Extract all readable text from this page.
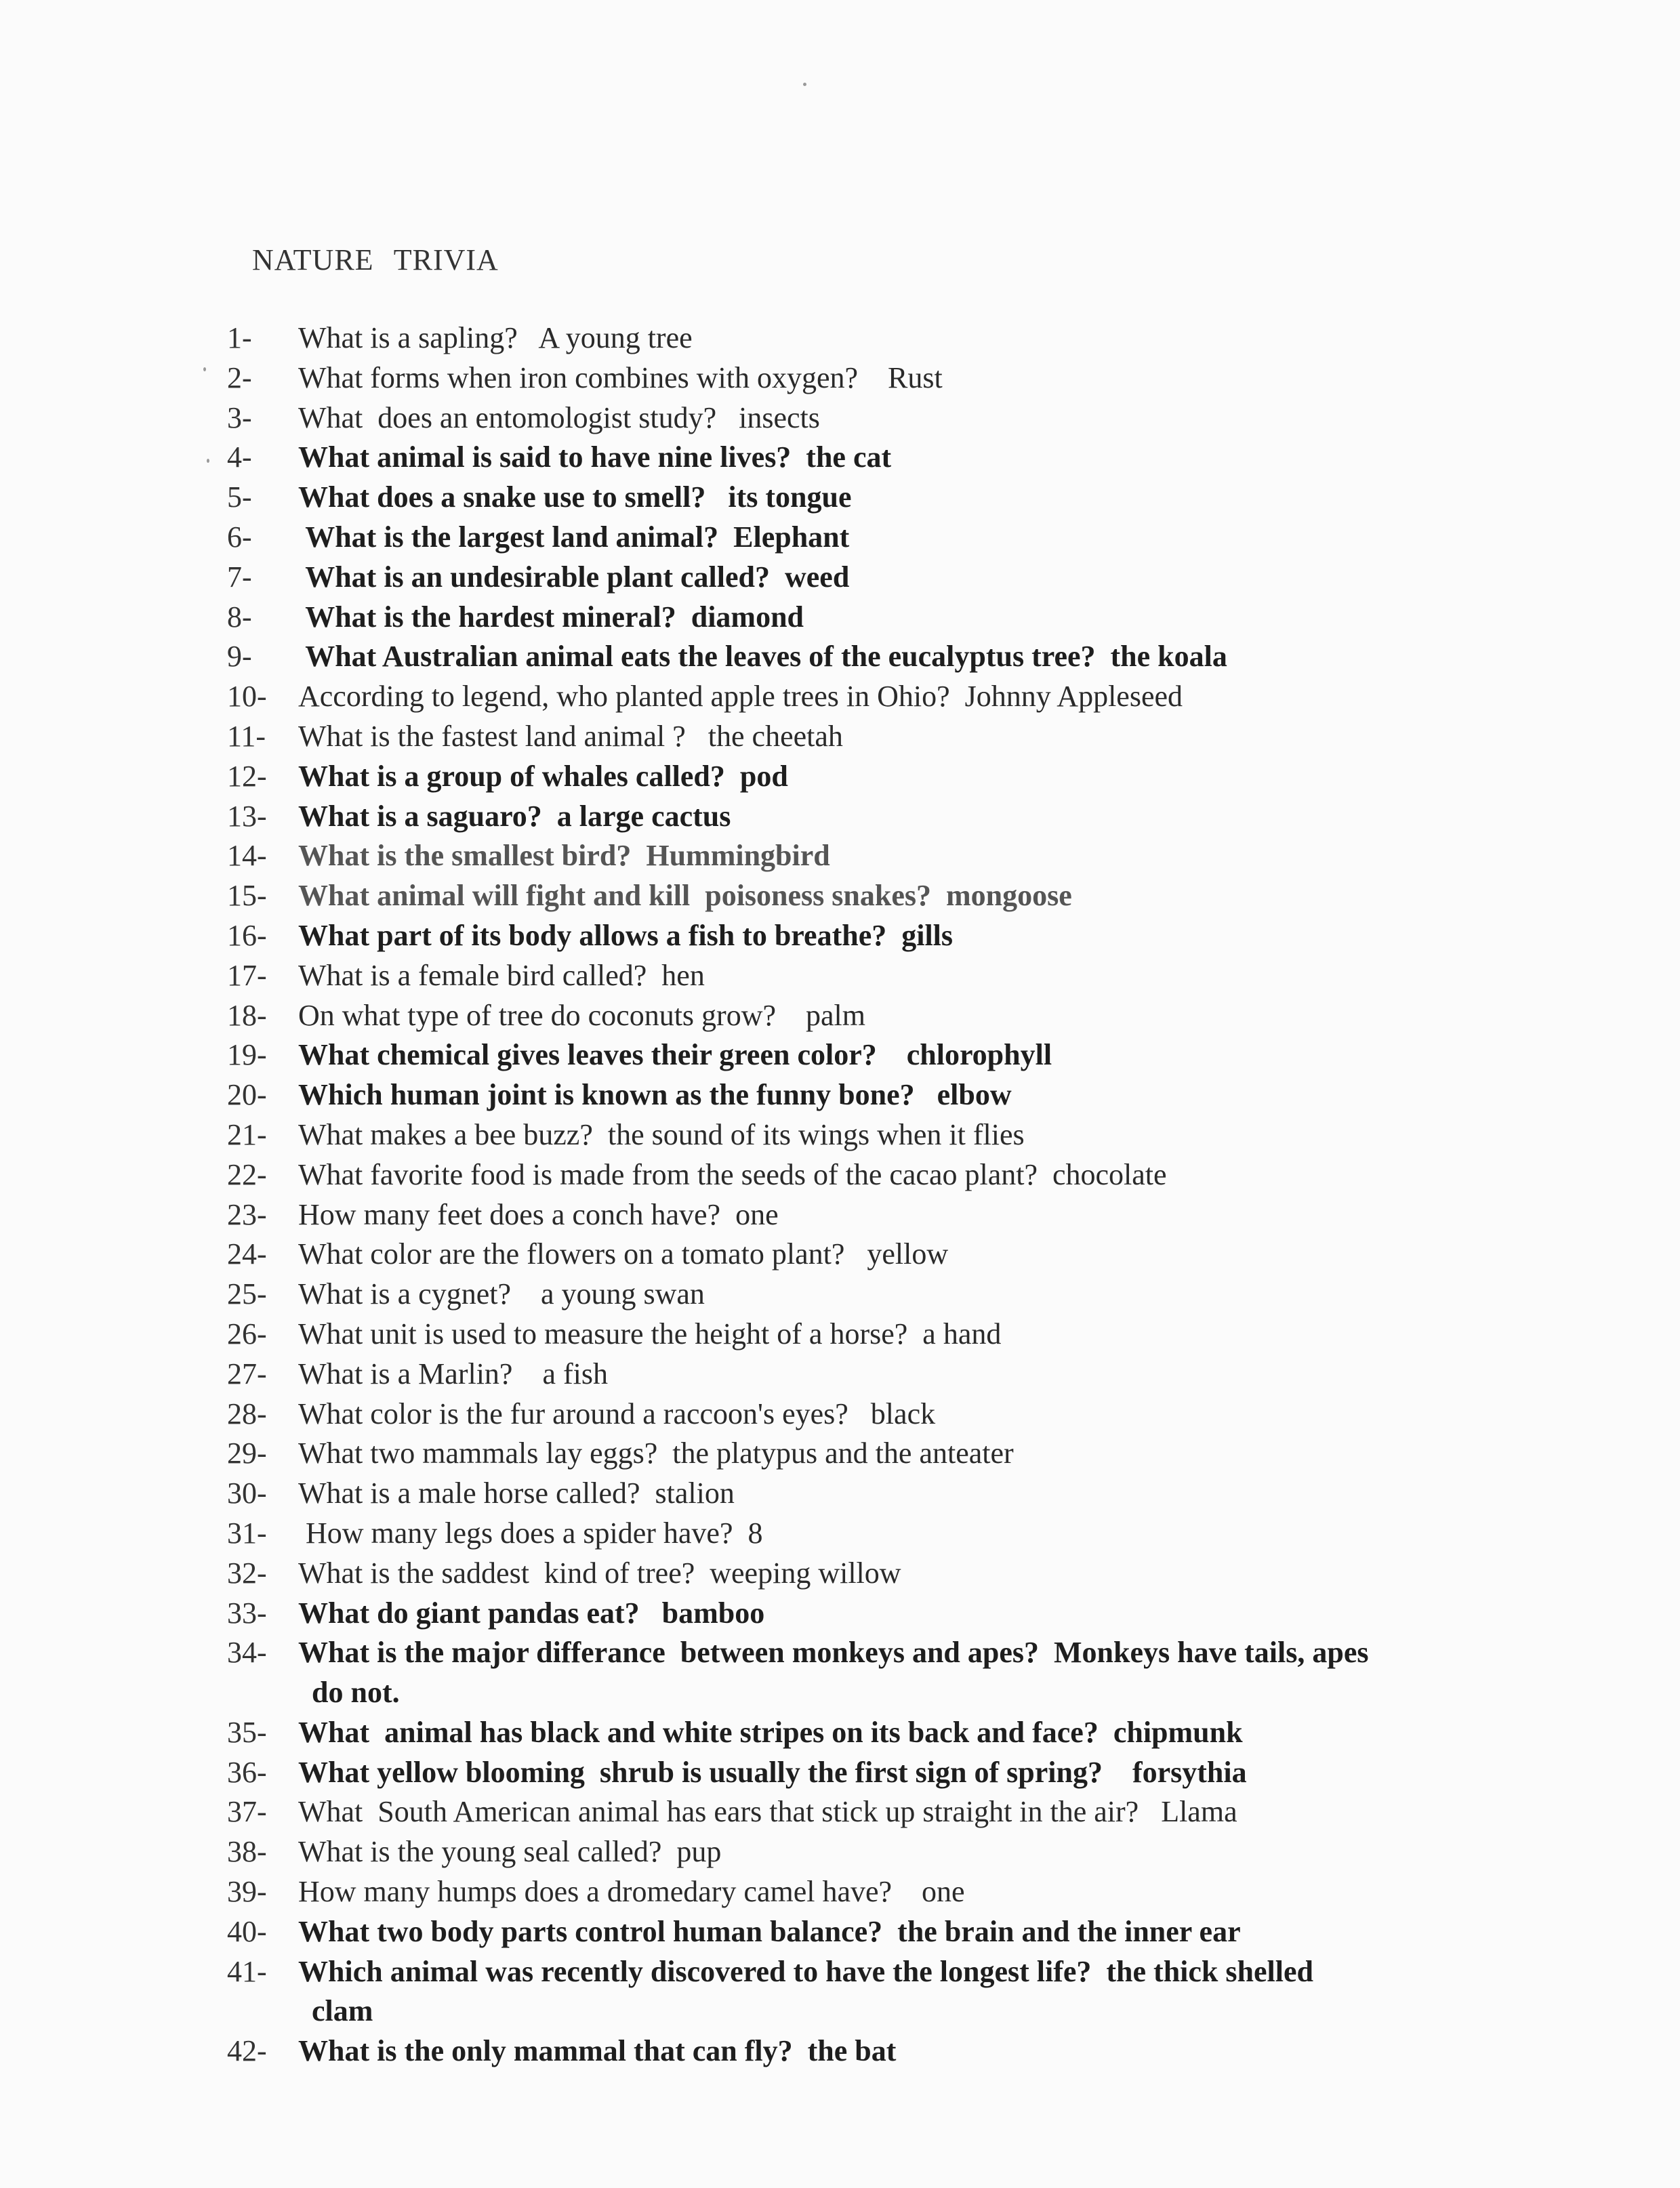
NATURE TRIVIA
1-	What is a sapling?   A young tree
2-	What forms when iron combines with oxygen?    Rust
3-	What  does an entomologist study?   insects
4-	What animal is said to have nine lives?  the cat
5-	What does a snake use to smell?   its tongue
6-	What is the largest land animal?  Elephant
7-	What is an undesirable plant called?  weed
8-	What is the hardest mineral?  diamond
9-	What Australian animal eats the leaves of the eucalyptus tree?  the koala
10-	According to legend, who planted apple trees in Ohio?  Johnny Appleseed
11-	What is the fastest land animal ?   the cheetah
12-	What is a group of whales called?  pod
13-	What is a saguaro?  a large cactus
14-	What is the smallest bird?  Hummingbird
15-	What animal will fight and kill  poisoness snakes?  mongoose
16-	What part of its body allows a fish to breathe?  gills
17-	What is a female bird called?  hen
18-	On what type of tree do coconuts grow?    palm
19-	What chemical gives leaves their green color?    chlorophyll
20-	Which human joint is known as the funny bone?   elbow
21-	What makes a bee buzz?  the sound of its wings when it flies
22-	What favorite food is made from the seeds of the cacao plant?  chocolate
23-	How many feet does a conch have?  one
24-	What color are the flowers on a tomato plant?   yellow
25-	What is a cygnet?    a young swan
26-	What unit is used to measure the height of a horse?  a hand
27-	What is a Marlin?    a fish
28-	What color is the fur around a raccoon's eyes?   black
29-	What two mammals lay eggs?  the platypus and the anteater
30-	What is a male horse called?  stalion
31-	How many legs does a spider have?  8
32-	What is the saddest  kind of tree?  weeping willow
33-	What do giant pandas eat?   bamboo
34-	What is the major differance  between monkeys and apes?  Monkeys have tails, apes
do not.
35-	What  animal has black and white stripes on its back and face?  chipmunk
36-	What yellow blooming  shrub is usually the first sign of spring?    forsythia
37-	What  South American animal has ears that stick up straight in the air?   Llama
38-	What is the young seal called?  pup
39-	How many humps does a dromedary camel have?    one
40-	What two body parts control human balance?  the brain and the inner ear
41-	Which animal was recently discovered to have the longest life?  the thick shelled
clam
42-	What is the only mammal that can fly?  the bat
